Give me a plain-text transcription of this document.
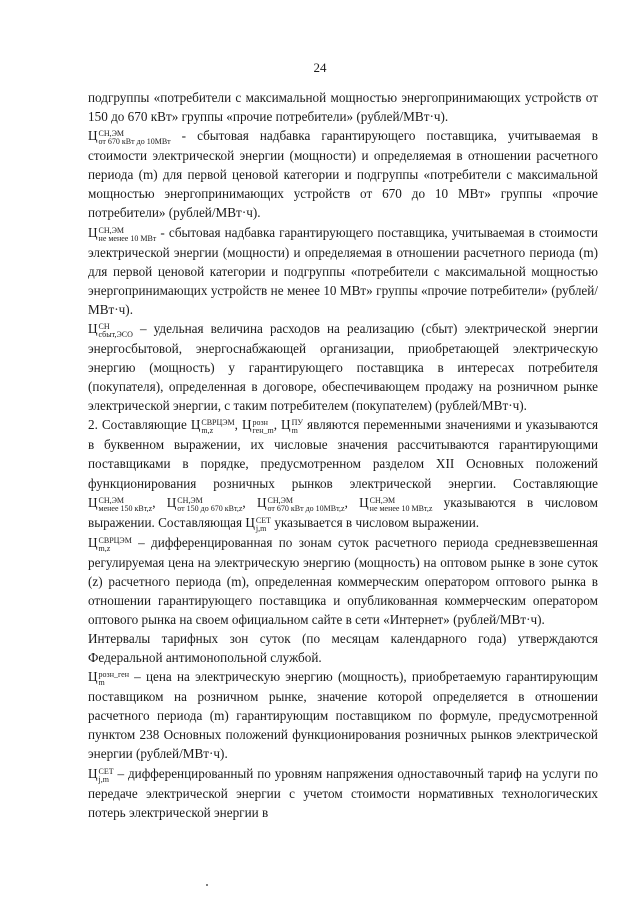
24

подгруппы «потребители с максимальной мощностью энергопринимающих устройств от 150 до 670 кВт» группы «прочие потребители» (рублей/МВт·ч).

Ц СН,ЭМ
от 670 кВт до 10МВт - сбытовая надбавка гарантирующего поставщика, учитываемая в стоимости электрической энергии (мощности) и определяемая в отношении расчетного периода (m) для первой ценовой категории и подгруппы «потребители с максимальной мощностью энергопринимающих устройств от 670 до 10 МВт» группы «прочие потребители» (рублей/МВт·ч).

Ц СН,ЭМ
не менее 10 МВт - сбытовая надбавка гарантирующего поставщика, учитываемая в стоимости электрической энергии (мощности) и определяемая в отношении расчетного периода (m) для первой ценовой категории и подгруппы «потребители с максимальной мощностью энергопринимающих устройств не менее 10 МВт» группы «прочие потребители» (рублей/МВт·ч).

Ц СН
сбыт,ЭСО – удельная величина расходов на реализацию (сбыт) электрической энергии энергосбытовой, энергоснабжающей организации, приобретающей электрическую энергию (мощность) у гарантирующего поставщика в интересах потребителя (покупателя), определенная в договоре, обеспечивающем продажу на розничном рынке электрической энергии, с таким потребителем (покупателем) (рублей/МВт·ч).

2. Составляющие Ц СВРЦЭМ
m,z	, Ц розн
ген_m , Ц ПУ
m являются переменными значениями и указываются в буквенном выражении, их числовые значения рассчитываются гарантирующими поставщиками в порядке, предусмотренном разделом XII Основных положений функционирования розничных рынков электрической энергии. Составляющие Ц СН,ЭМ
менее 150 кВт,z , Ц СН,ЭМ
от 150 до 670 кВт,z , Ц СН,ЭМ
от 670 кВт до 10МВт,z , Ц СН,ЭМ
не менее 10 МВт,z указываются в числовом выражении. Составляющая Ц СЕТ
j,m указывается в числовом выражении.

Ц СВРЦЭМ
m,z	– дифференцированная по зонам суток расчетного периода средневзвешенная регулируемая цена на электрическую энергию (мощность) на оптовом рынке в зоне суток (z) расчетного периода (m), определенная коммерческим оператором оптового рынка в отношении гарантирующего поставщика и опубликованная коммерческим оператором оптового рынка на своем официальном сайте в сети «Интернет» (рублей/МВт·ч).

Интервалы тарифных зон суток (по месяцам календарного года) утверждаются Федеральной антимонопольной службой.

Ц розн_ген
m	– цена на электрическую энергию (мощность), приобретаемую гарантирующим поставщиком на розничном рынке, значение которой определяется в отношении расчетного периода (m) гарантирующим поставщиком по формуле, предусмотренной пунктом 238 Основных положений функционирования розничных рынков электрической энергии (рублей/МВт·ч).

Ц СЕТ
j,m – дифференцированный по уровням напряжения одноставочный тариф на услуги по передаче электрической энергии с учетом стоимости нормативных технологических потерь электрической энергии в
